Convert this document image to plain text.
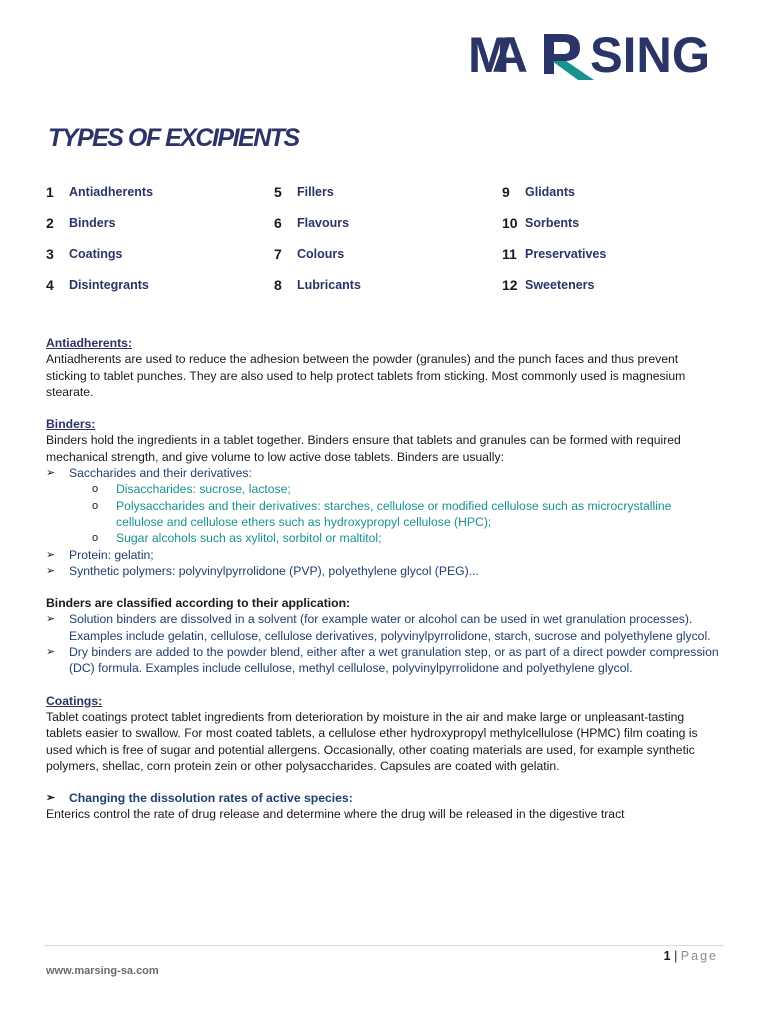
MA SING
TYPES OF EXCIPIENTS
1 Antiadherents
2 Binders
3 Coatings
4 Disintegrants
5 Fillers
6 Flavours
7 Colours
8 Lubricants
9 Glidants
10 Sorbents
11 Preservatives
12 Sweeteners

Antiadherents:

Antiadherents are used to reduce the adhesion between the powder (granules) and the punch faces and thus prevent sticking to tablet punches. They are also used to help protect tablets from sticking. Most commonly used is magnesium stearate.

Binders:

Binders hold the ingredients in a tablet together. Binders ensure that tablets and granules can be formed with required mechanical strength, and give volume to low active dose tablets. Binders are usually:

➢ Saccharides and their derivatives:
o Disaccharides: sucrose, lactose;
o Polysaccharides and their derivatives: starches, cellulose or modified cellulose such as microcrystalline cellulose and cellulose ethers such as hydroxypropyl cellulose (HPC);
o Sugar alcohols such as xylitol, sorbitol or maltitol;
➢ Protein: gelatin;
➢ Synthetic polymers: polyvinylpyrrolidone (PVP), polyethylene glycol (PEG)...

Binders are classified according to their application:

➢ Solution binders are dissolved in a solvent (for example water or alcohol can be used in wet granulation processes). Examples include gelatin, cellulose, cellulose derivatives, polyvinylpyrrolidone, starch, sucrose and polyethylene glycol.
➢ Dry binders are added to the powder blend, either after a wet granulation step, or as part of a direct powder compression (DC) formula. Examples include cellulose, methyl cellulose, polyvinylpyrrolidone and polyethylene glycol.

Coatings:

Tablet coatings protect tablet ingredients from deterioration by moisture in the air and make large or unpleasant-tasting tablets easier to swallow. For most coated tablets, a cellulose ether hydroxypropyl methylcellulose (HPMC) film coating is used which is free of sugar and potential allergens. Occasionally, other coating materials are used, for example synthetic polymers, shellac, corn protein zein or other polysaccharides. Capsules are coated with gelatin.

➢ Changing the dissolution rates of active species:

Enterics control the rate of drug release and determine where the drug will be released in the digestive tract

1 | Page
www.marsing-sa.com
